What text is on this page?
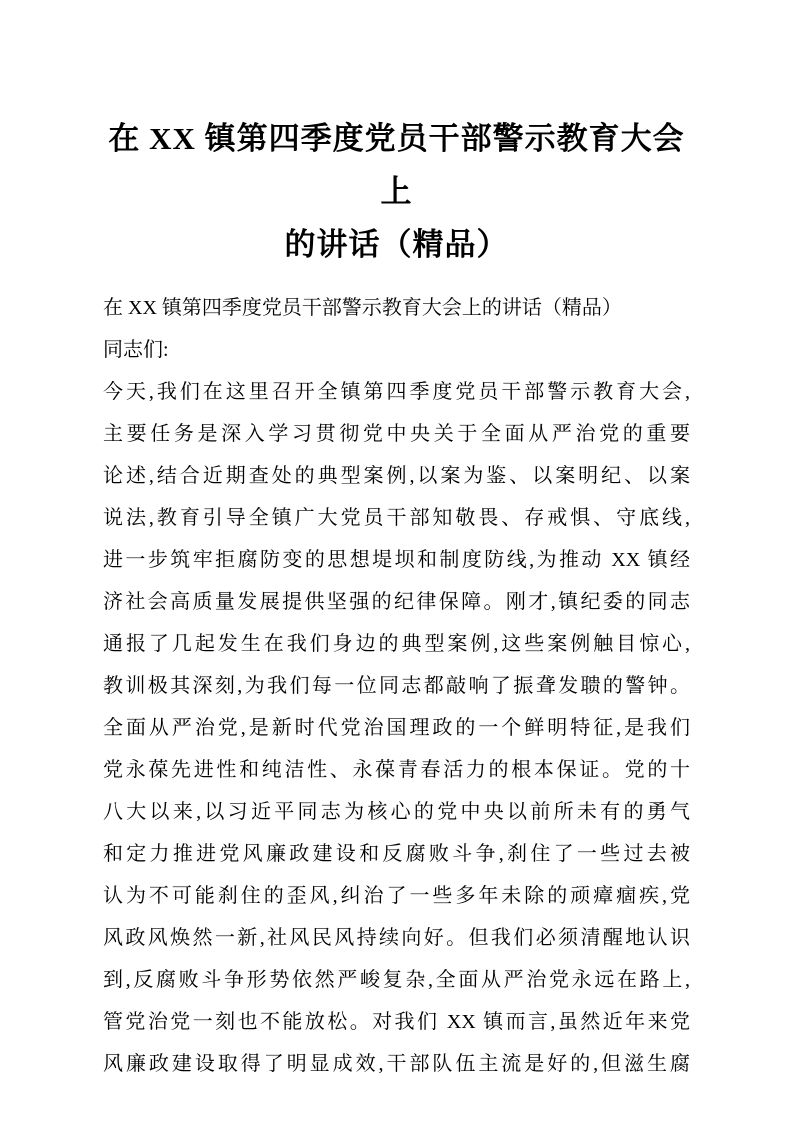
在 XX 镇第四季度党员干部警示教育大会上
的讲话（精品）
在 XX 镇第四季度党员干部警示教育大会上的讲话（精品）
同志们:
今天,我们在这里召开全镇第四季度党员干部警示教育大会,
主要任务是深入学习贯彻党中央关于全面从严治党的重要
论述,结合近期查处的典型案例,以案为鉴、以案明纪、以案
说法,教育引导全镇广大党员干部知敬畏、存戒惧、守底线,
进一步筑牢拒腐防变的思想堤坝和制度防线,为推动 XX 镇经
济社会高质量发展提供坚强的纪律保障。刚才,镇纪委的同志
通报了几起发生在我们身边的典型案例,这些案例触目惊心,
教训极其深刻,为我们每一位同志都敲响了振聋发聩的警钟。
全面从严治党,是新时代党治国理政的一个鲜明特征,是我们
党永葆先进性和纯洁性、永葆青春活力的根本保证。党的十
八大以来,以习近平同志为核心的党中央以前所未有的勇气
和定力推进党风廉政建设和反腐败斗争,刹住了一些过去被
认为不可能刹住的歪风,纠治了一些多年未除的顽瘴痼疾,党
风政风焕然一新,社风民风持续向好。但我们必须清醒地认识
到,反腐败斗争形势依然严峻复杂,全面从严治党永远在路上,
管党治党一刻也不能放松。对我们 XX 镇而言,虽然近年来党
风廉政建设取得了明显成效,干部队伍主流是好的,但滋生腐
